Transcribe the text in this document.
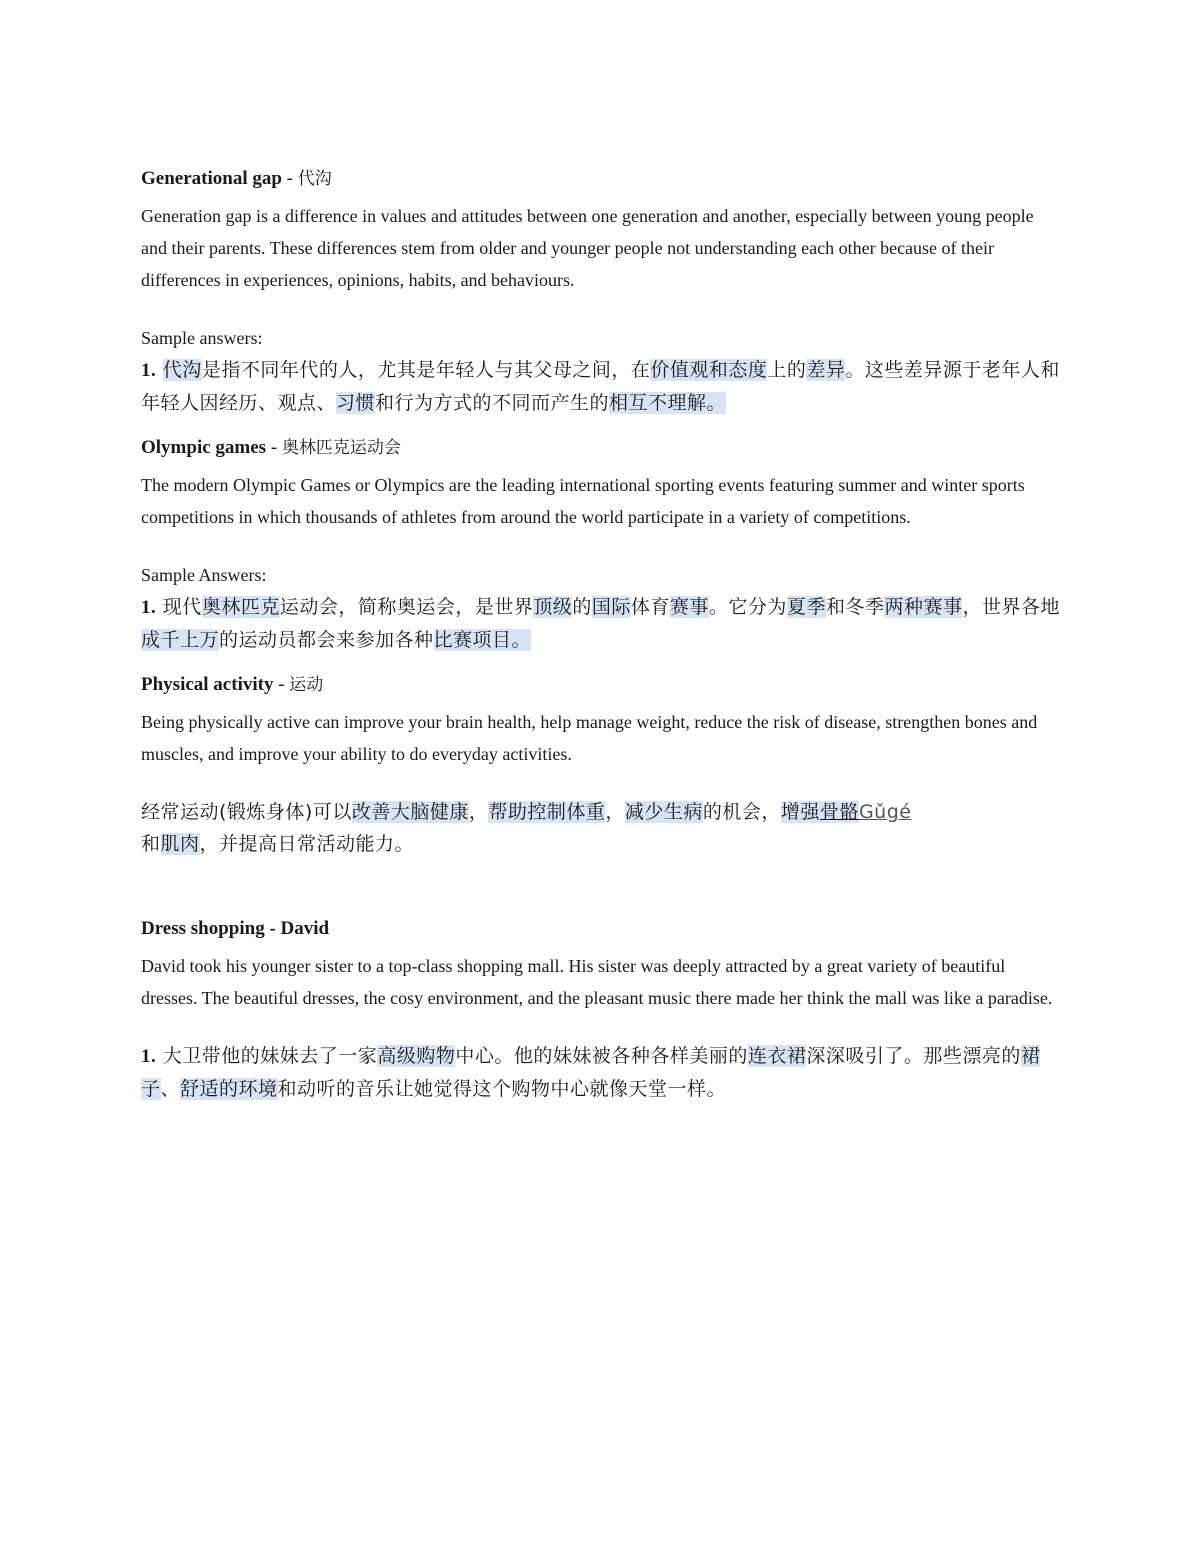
Generational gap - 代沟

Generation gap is a difference in values and attitudes between one generation and another, especially between young people and their parents. These differences stem from older and younger people not understanding each other because of their differences in experiences, opinions, habits, and behaviours.

Sample answers:

1. 代沟是指不同年代的人，尤其是年轻人与其父母之间，在价值观和态度上的差异。这些差异源于老年人和年轻人因经历、观点、习惯和行为方式的不同而产生的相互不理解。

Olympic games - 奥林匹克运动会

The modern Olympic Games or Olympics are the leading international sporting events featuring summer and winter sports competitions in which thousands of athletes from around the world participate in a variety of competitions.

Sample Answers:

1. 现代奥林匹克运动会，简称奥运会，是世界顶级的国际体育赛事。它分为夏季和冬季两种赛事，世界各地成千上万的运动员都会来参加各种比赛项目。

Physical activity - 运动

Being physically active can improve your brain health, help manage weight, reduce the risk of disease, strengthen bones and muscles, and improve your ability to do everyday activities.

经常运动(锻炼身体)可以改善大脑健康，帮助控制体重，减少生病的机会，增强骨骼Gǔgé

和肌肉，并提高日常活动能力。

Dress shopping - David

David took his younger sister to a top-class shopping mall. His sister was deeply attracted by a great variety of beautiful dresses. The beautiful dresses, the cosy environment, and the pleasant music there made her think the mall was like a paradise.

1. 大卫带他的妹妹去了一家高级购物中心。他的妹妹被各种各样美丽的连衣裙深深吸引了。那些漂亮的裙子、舒适的环境和动听的音乐让她觉得这个购物中心就像天堂一样。
